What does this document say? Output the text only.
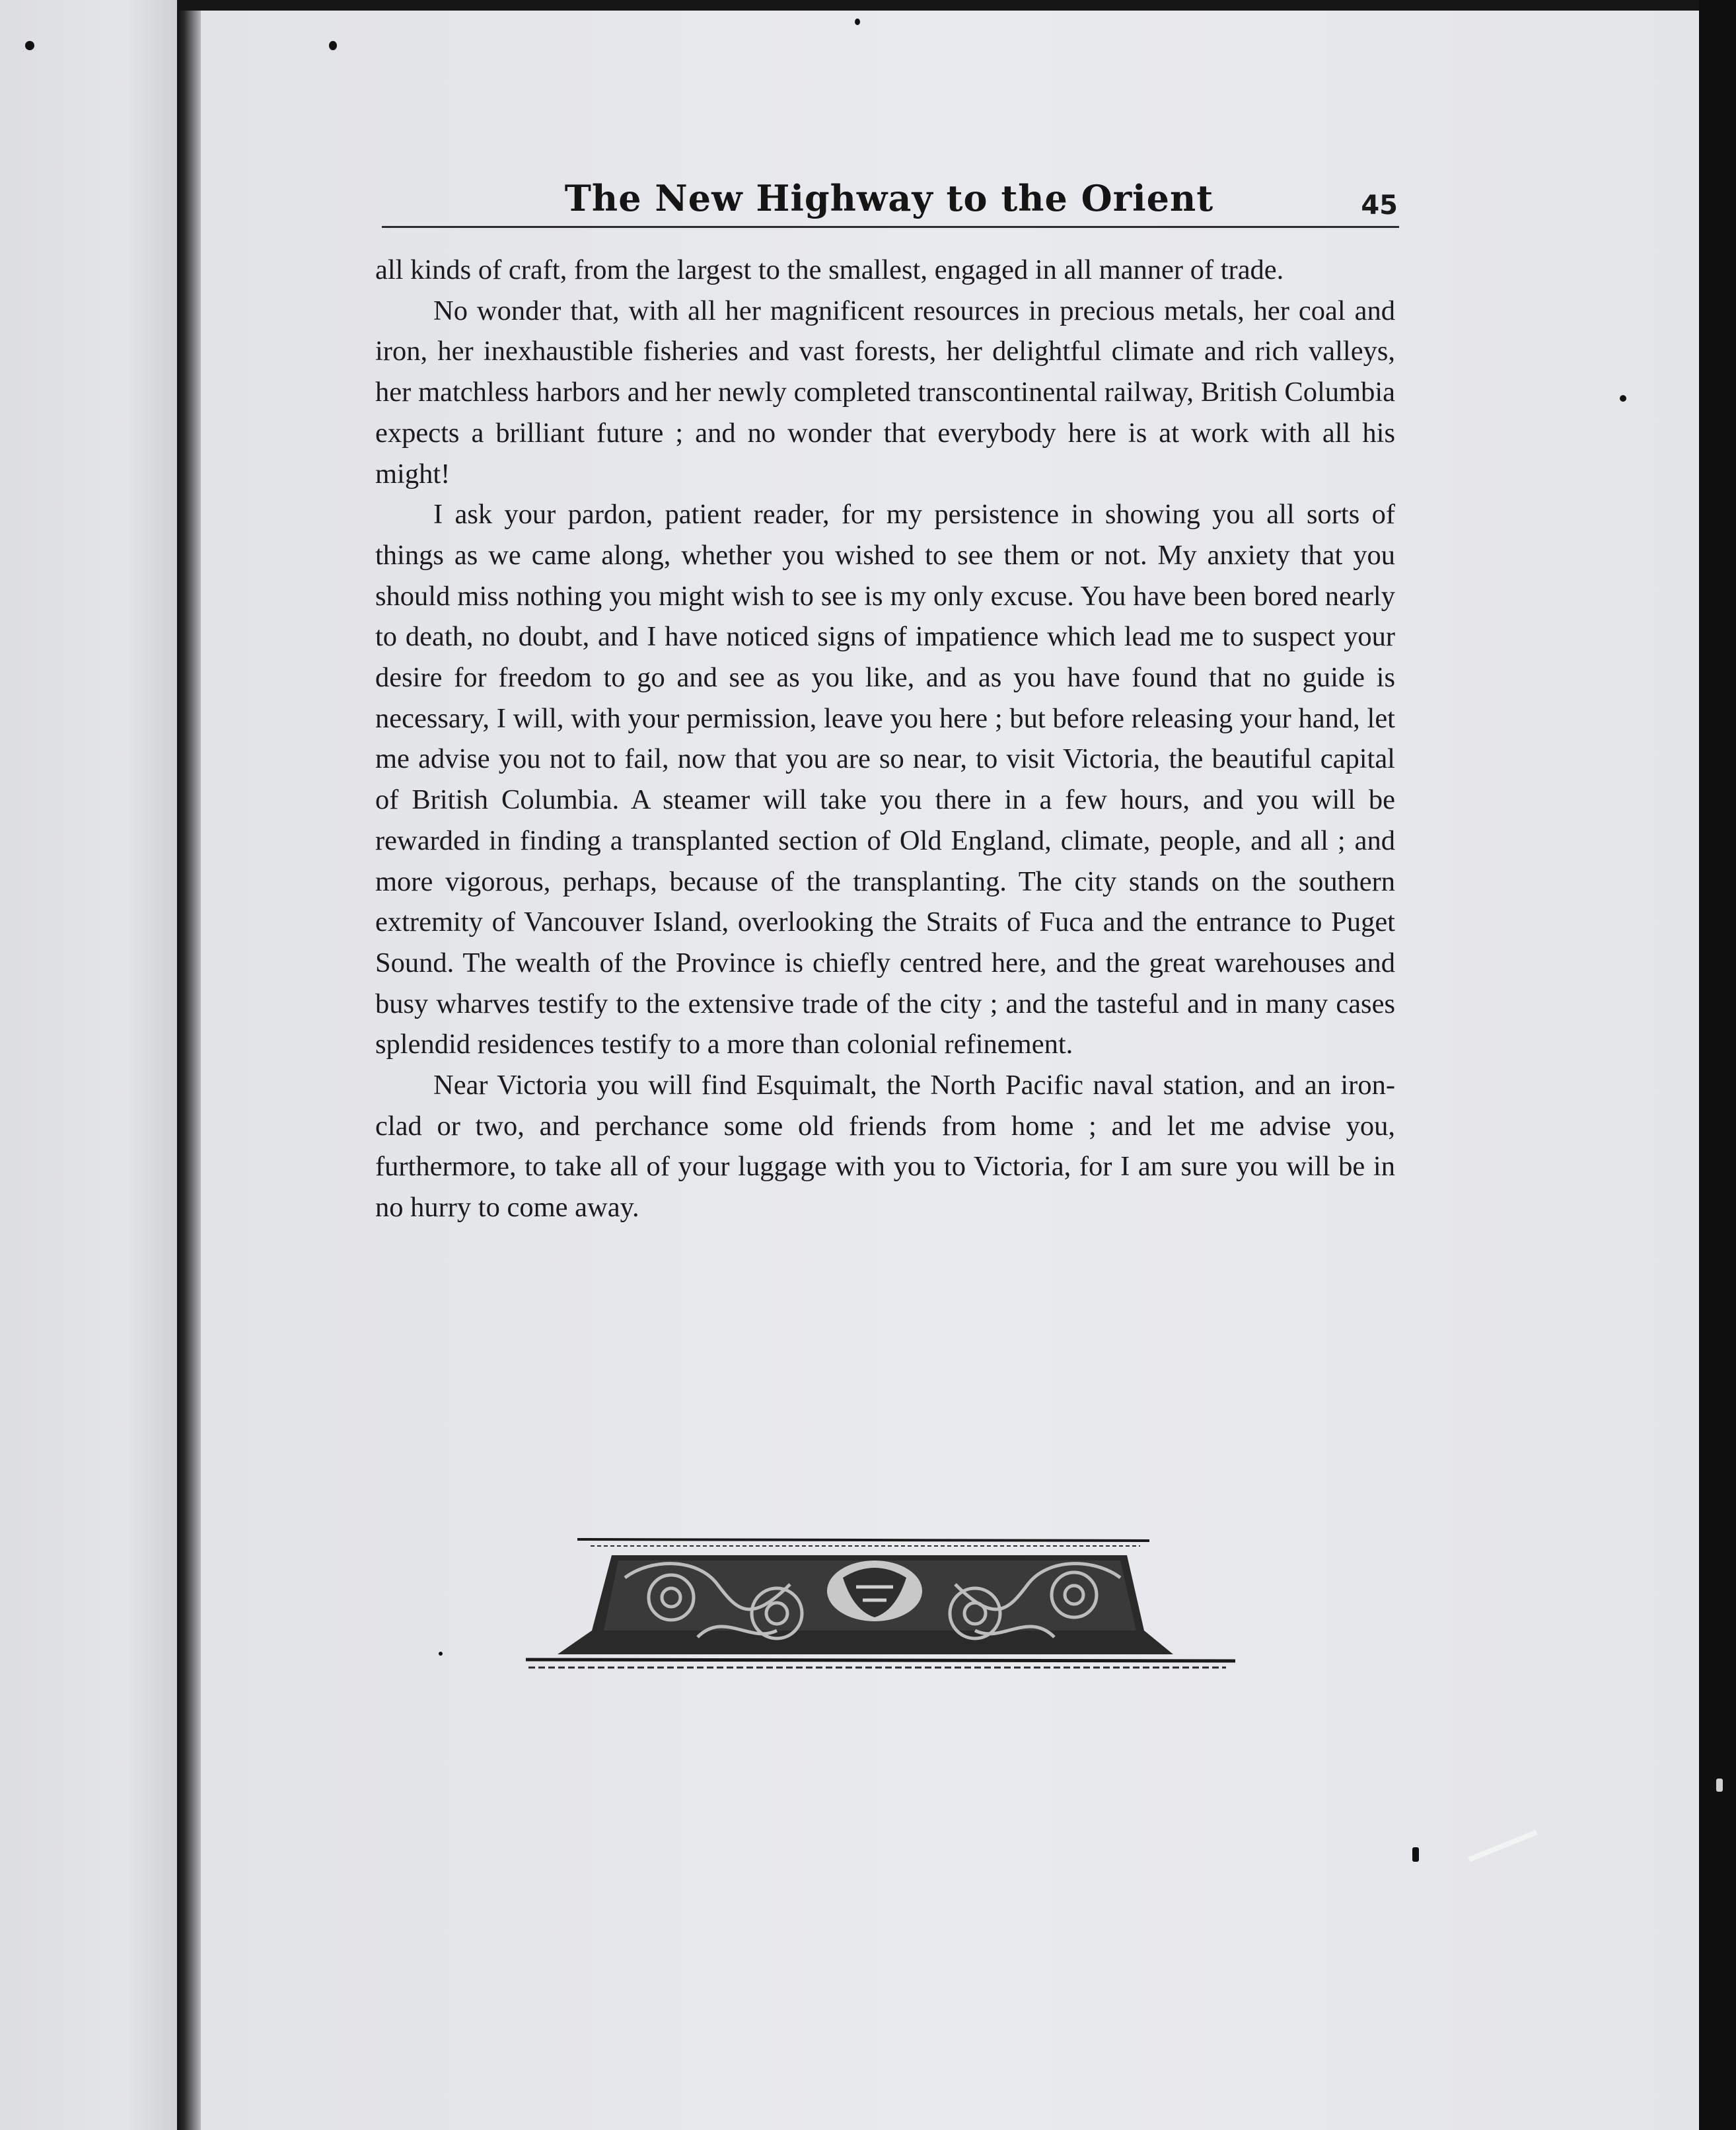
The New Highway to the Orient	45

all kinds of craft, from the largest to the smallest, engaged in all manner of trade.

No wonder that, with all her magnificent resources in precious metals, her coal and iron, her inexhaustible fisheries and vast forests, her delightful climate and rich valleys, her matchless harbors and her newly completed transcontinental railway, British Columbia expects a brilliant future ; and no wonder that everybody here is at work with all his might!

I ask your pardon, patient reader, for my persistence in showing you all sorts of things as we came along, whether you wished to see them or not. My anxiety that you should miss nothing you might wish to see is my only excuse. You have been bored nearly to death, no doubt, and I have noticed signs of impatience which lead me to suspect your desire for freedom to go and see as you like, and as you have found that no guide is necessary, I will, with your permission, leave you here ; but before releasing your hand, let me advise you not to fail, now that you are so near, to visit Victoria, the beautiful capital of British Columbia. A steamer will take you there in a few hours, and you will be rewarded in finding a transplanted section of Old England, climate, people, and all ; and more vigorous, perhaps, because of the transplanting. The city stands on the southern extremity of Vancouver Island, overlooking the Straits of Fuca and the entrance to Puget Sound. The wealth of the Province is chiefly centred here, and the great warehouses and busy wharves testify to the extensive trade of the city ; and the tasteful and in many cases splendid residences testify to a more than colonial refinement.

Near Victoria you will find Esquimalt, the North Pacific naval station, and an iron-clad or two, and perchance some old friends from home ; and let me advise you, furthermore, to take all of your luggage with you to Victoria, for I am sure you will be in no hurry to come away.
